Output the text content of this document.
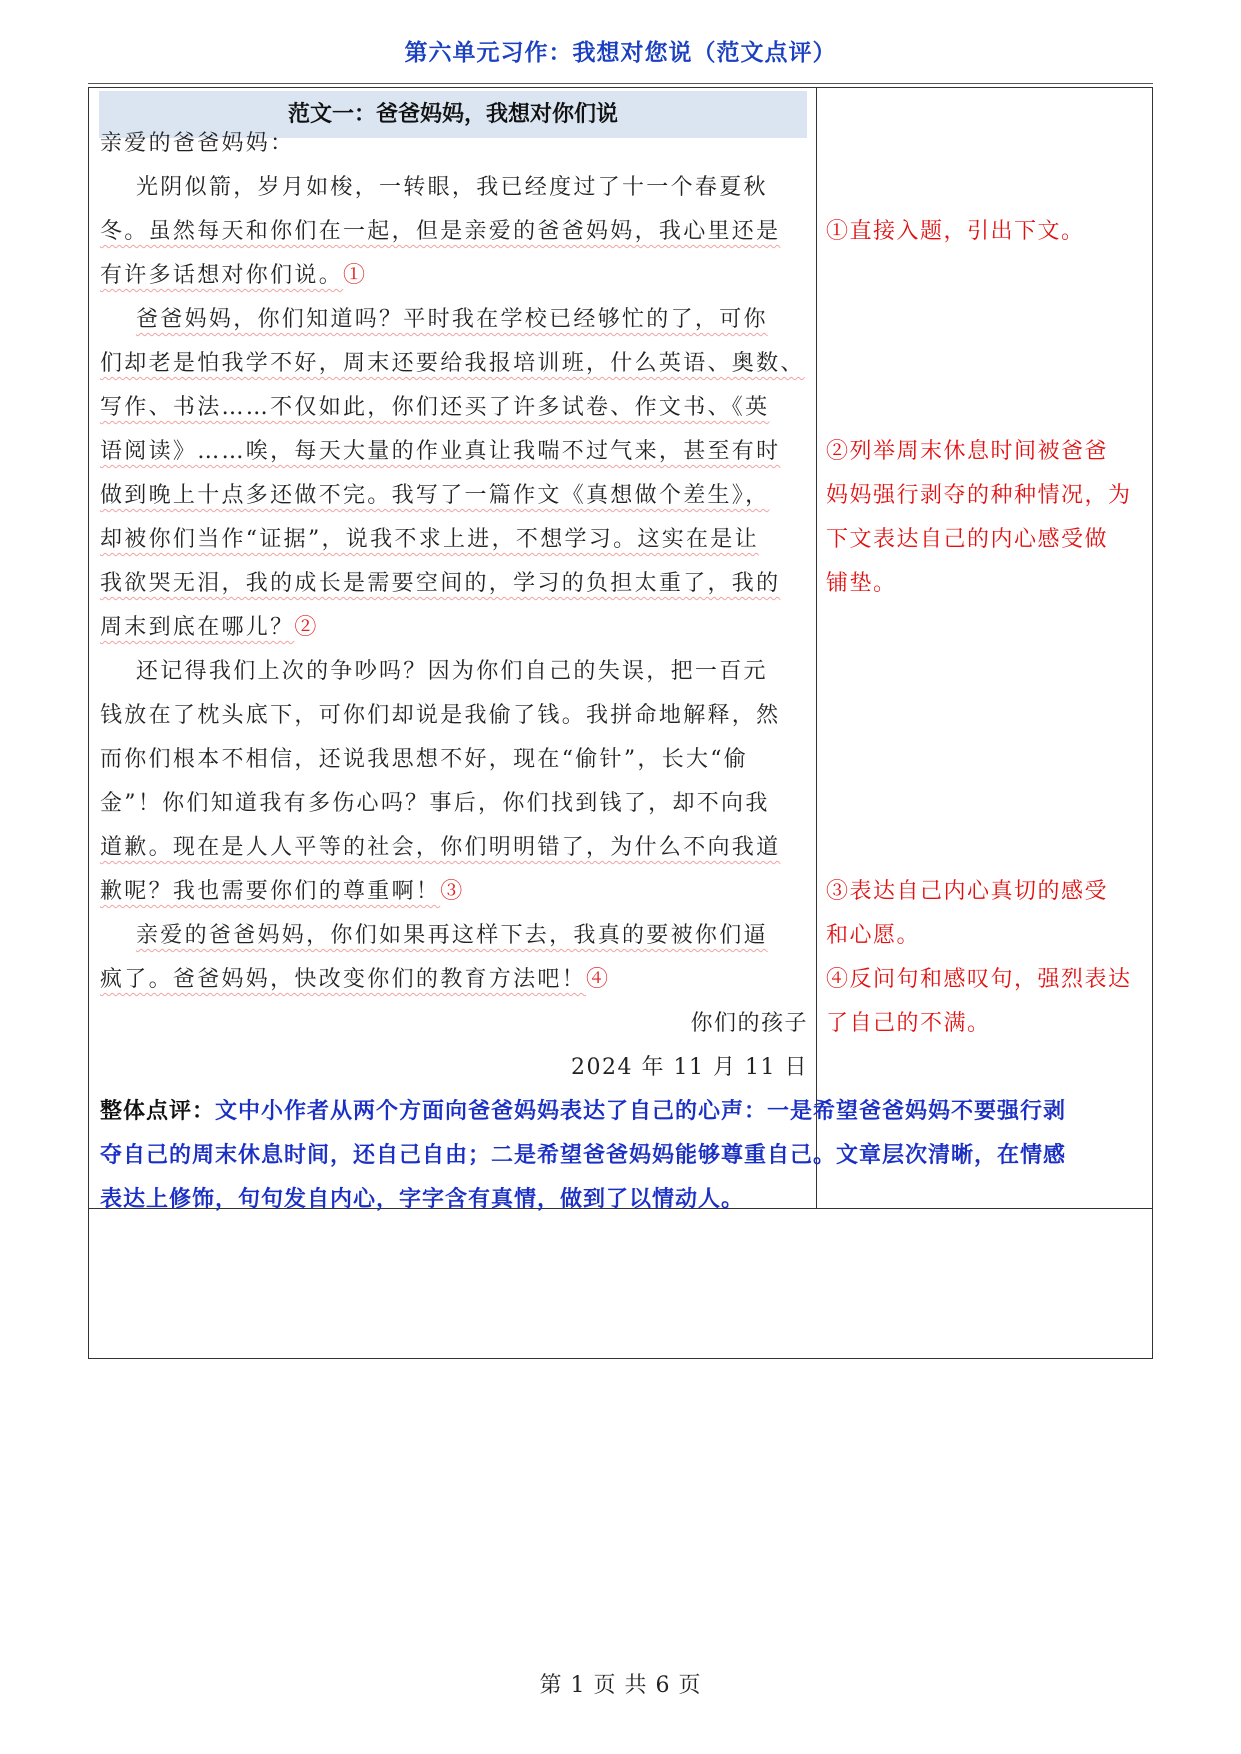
第六单元习作：我想对您说（范文点评）
范文一：爸爸妈妈，我想对你们说
亲爱的爸爸妈妈：
光阴似箭，岁月如梭，一转眼，我已经度过了十一个春夏秋
冬。虽然每天和你们在一起，但是亲爱的爸爸妈妈，我心里还是
有许多话想对你们说。①
爸爸妈妈，你们知道吗？平时我在学校已经够忙的了，可你
们却老是怕我学不好，周末还要给我报培训班，什么英语、奥数、
写作、书法……不仅如此，你们还买了许多试卷、作文书、《英
语阅读》……唉，每天大量的作业真让我喘不过气来，甚至有时
做到晚上十点多还做不完。我写了一篇作文《真想做个差生》，
却被你们当作“证据”，说我不求上进，不想学习。这实在是让
我欲哭无泪，我的成长是需要空间的，学习的负担太重了，我的
周末到底在哪儿？②
还记得我们上次的争吵吗？因为你们自己的失误，把一百元
钱放在了枕头底下，可你们却说是我偷了钱。我拼命地解释，然
而你们根本不相信，还说我思想不好，现在“偷针”，长大“偷
金”！你们知道我有多伤心吗？事后，你们找到钱了，却不向我
道歉。现在是人人平等的社会，你们明明错了，为什么不向我道
歉呢？我也需要你们的尊重啊！③
亲爱的爸爸妈妈，你们如果再这样下去，我真的要被你们逼
疯了。爸爸妈妈，快改变你们的教育方法吧！④
你们的孩子
2024 年 11 月 11 日
①直接入题，引出下文。
②列举周末休息时间被爸爸
妈妈强行剥夺的种种情况，为
下文表达自己的内心感受做
铺垫。
③表达自己内心真切的感受
和心愿。
④反问句和感叹句，强烈表达
了自己的不满。
整体点评：文中小作者从两个方面向爸爸妈妈表达了自己的心声：一是希望爸爸妈妈不要强行剥
夺自己的周末休息时间，还自己自由；二是希望爸爸妈妈能够尊重自己。文章层次清晰，在情感
表达上修饰，句句发自内心，字字含有真情，做到了以情动人。
第 1 页 共 6 页
